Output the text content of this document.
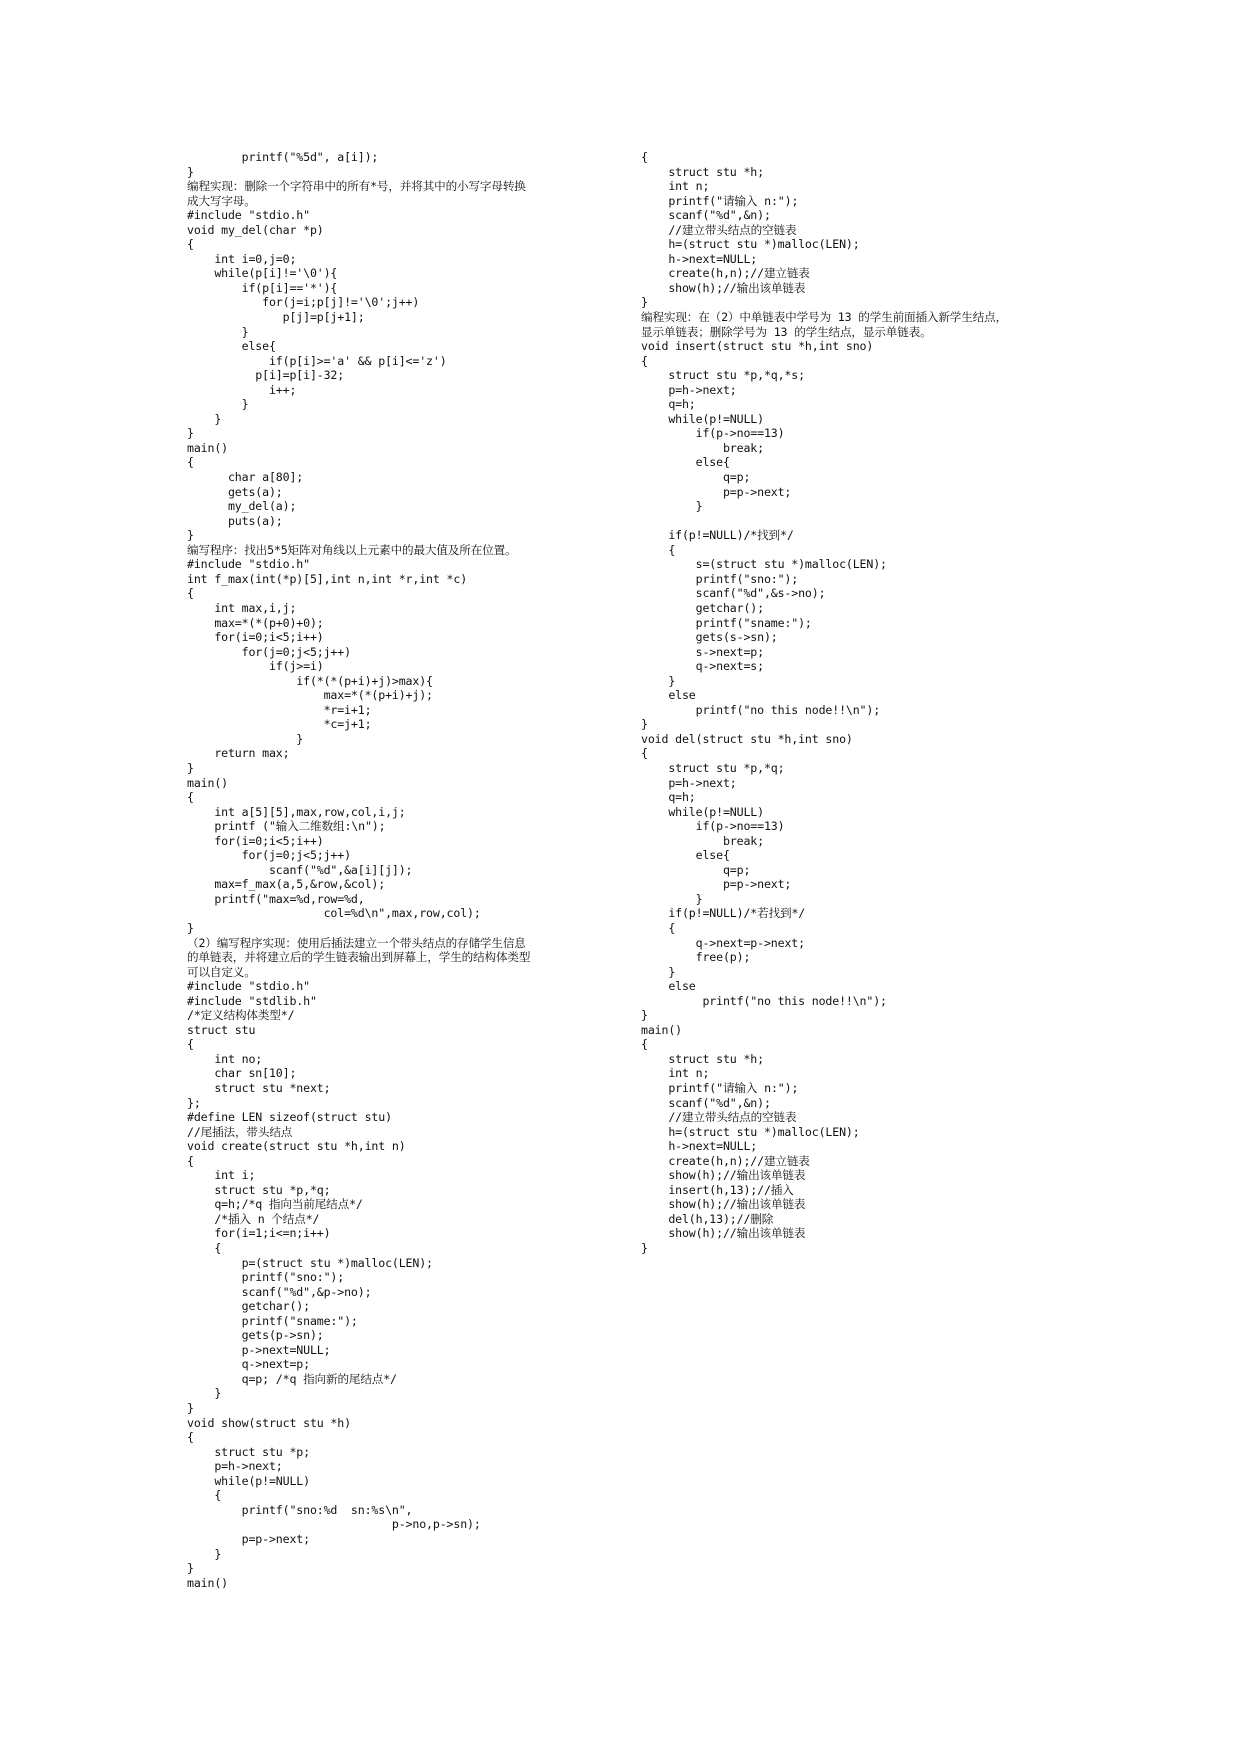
printf("%5d", a[i]);
}
编程实现：删除一个字符串中的所有*号，并将其中的小写字母转换
成大写字母。
#include "stdio.h"
void my_del(char *p)
{
int i=0,j=0;
while(p[i]!='\0'){
if(p[i]=='*'){
for(j=i;p[j]!='\0';j++)
p[j]=p[j+1];
}
else{
if(p[i]>='a' && p[i]<='z')
p[i]=p[i]-32;
i++;
}
}
}
main()
{
char a[80];
gets(a);
my_del(a);
puts(a);
}
编写程序：找出5*5矩阵对角线以上元素中的最大值及所在位置。
#include "stdio.h"
int f_max(int(*p)[5],int n,int *r,int *c)
{
int max,i,j;
max=*(*(p+0)+0);
for(i=0;i<5;i++)
for(j=0;j<5;j++)
if(j>=i)
if(*(*(p+i)+j)>max){
max=*(*(p+i)+j);
*r=i+1;
*c=j+1;
}
return max;
}
main()
{
int a[5][5],max,row,col,i,j;
printf ("输入二维数组:\n");
for(i=0;i<5;i++)
for(j=0;j<5;j++)
scanf("%d",&a[i][j]);
max=f_max(a,5,&row,&col);
printf("max=%d,row=%d,
col=%d\n",max,row,col);
}
（2）编写程序实现：使用后插法建立一个带头结点的存储学生信息
的单链表，并将建立后的学生链表输出到屏幕上，学生的结构体类型
可以自定义。
#include "stdio.h"
#include "stdlib.h"
/*定义结构体类型*/
struct stu
{
int no;
char sn[10];
struct stu *next;
};
#define LEN sizeof(struct stu)
//尾插法，带头结点
void create(struct stu *h,int n)
{
int i;
struct stu *p,*q;
q=h;/*q 指向当前尾结点*/
/*插入 n 个结点*/
for(i=1;i<=n;i++)
{
p=(struct stu *)malloc(LEN);
printf("sno:");
scanf("%d",&p->no);
getchar();
printf("sname:");
gets(p->sn);
p->next=NULL;
q->next=p;
q=p; /*q 指向新的尾结点*/
}
}
void show(struct stu *h)
{
struct stu *p;
p=h->next;
while(p!=NULL)
{
printf("sno:%d  sn:%s\n",
p->no,p->sn);
p=p->next;
}
}
main()
{
struct stu *h;
int n;
printf("请输入 n:");
scanf("%d",&n);
//建立带头结点的空链表
h=(struct stu *)malloc(LEN);
h->next=NULL;
create(h,n);//建立链表
show(h);//输出该单链表
}
编程实现：在（2）中单链表中学号为 13 的学生前面插入新学生结点，
显示单链表；删除学号为 13 的学生结点，显示单链表。
void insert(struct stu *h,int sno)
{
struct stu *p,*q,*s;
p=h->next;
q=h;
while(p!=NULL)
if(p->no==13)
break;
else{
q=p;
p=p->next;
}

if(p!=NULL)/*找到*/
{
s=(struct stu *)malloc(LEN);
printf("sno:");
scanf("%d",&s->no);
getchar();
printf("sname:");
gets(s->sn);
s->next=p;
q->next=s;
}
else
printf("no this node!!\n");
}
void del(struct stu *h,int sno)
{
struct stu *p,*q;
p=h->next;
q=h;
while(p!=NULL)
if(p->no==13)
break;
else{
q=p;
p=p->next;
}
if(p!=NULL)/*若找到*/
{
q->next=p->next;
free(p);
}
else
printf("no this node!!\n");
}
main()
{
struct stu *h;
int n;
printf("请输入 n:");
scanf("%d",&n);
//建立带头结点的空链表
h=(struct stu *)malloc(LEN);
h->next=NULL;
create(h,n);//建立链表
show(h);//输出该单链表
insert(h,13);//插入
show(h);//输出该单链表
del(h,13);//删除
show(h);//输出该单链表
}
